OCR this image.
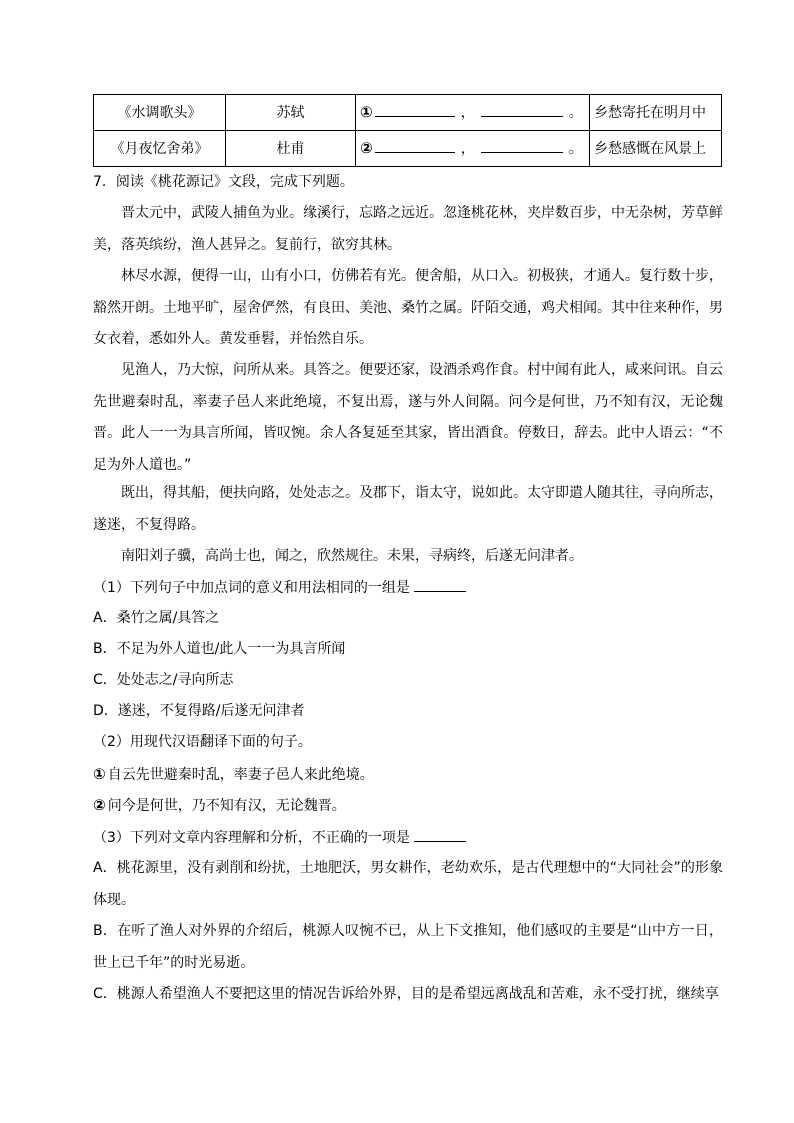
《水调歌头》	苏轼	① ， 。	乡愁寄托在明月中
《月夜忆舍弟》	杜甫	② ， 。	乡愁感慨在风景上
7．阅读《桃花源记》文段，完成下列题。
晋太元中，武陵人捕鱼为业。缘溪行，忘路之远近。忽逢桃花林，夹岸数百步，中无杂树，芳草鲜美，落英缤纷，渔人甚异之。复前行，欲穷其林。
林尽水源，便得一山，山有小口，仿佛若有光。便舍船，从口入。初极狭，才通人。复行数十步，豁然开朗。土地平旷，屋舍俨然，有良田、美池、桑竹之属。阡陌交通，鸡犬相闻。其中往来种作，男女衣着，悉如外人。黄发垂髫，并怡然自乐。
见渔人，乃大惊，问所从来。具答之。便要还家，设酒杀鸡作食。村中闻有此人，咸来问讯。自云先世避秦时乱，率妻子邑人来此绝境，不复出焉，遂与外人间隔。问今是何世，乃不知有汉，无论魏晋。此人一一为具言所闻，皆叹惋。余人各复延至其家，皆出酒食。停数日，辞去。此中人语云：“不足为外人道也。”
既出，得其船，便扶向路，处处志之。及郡下，诣太守，说如此。太守即遣人随其往，寻向所志，遂迷，不复得路。
南阳刘子骥，高尚士也，闻之，欣然规往。未果，寻病终，后遂无问津者。
（1）下列句子中加点词的意义和用法相同的一组是
A．桑竹之属/具答之
B．不足为外人道也/此人一一为具言所闻
C．处处志之/寻向所志
D．遂迷，不复得路/后遂无问津者
（2）用现代汉语翻译下面的句子。
① 自云先世避秦时乱，率妻子邑人来此绝境。
② 问今是何世，乃不知有汉，无论魏晋。
（3）下列对文章内容理解和分析，不正确的一项是
A．桃花源里，没有剥削和纷扰，土地肥沃，男女耕作，老幼欢乐，是古代理想中的“大同社会”的形象体现。
B．在听了渔人对外界的介绍后，桃源人叹惋不已，从上下文推知，他们感叹的主要是“山中方一日，世上已千年”的时光易逝。
C．桃源人希望渔人不要把这里的情况告诉给外界，目的是希望远离战乱和苦难，永不受打扰，继续享
